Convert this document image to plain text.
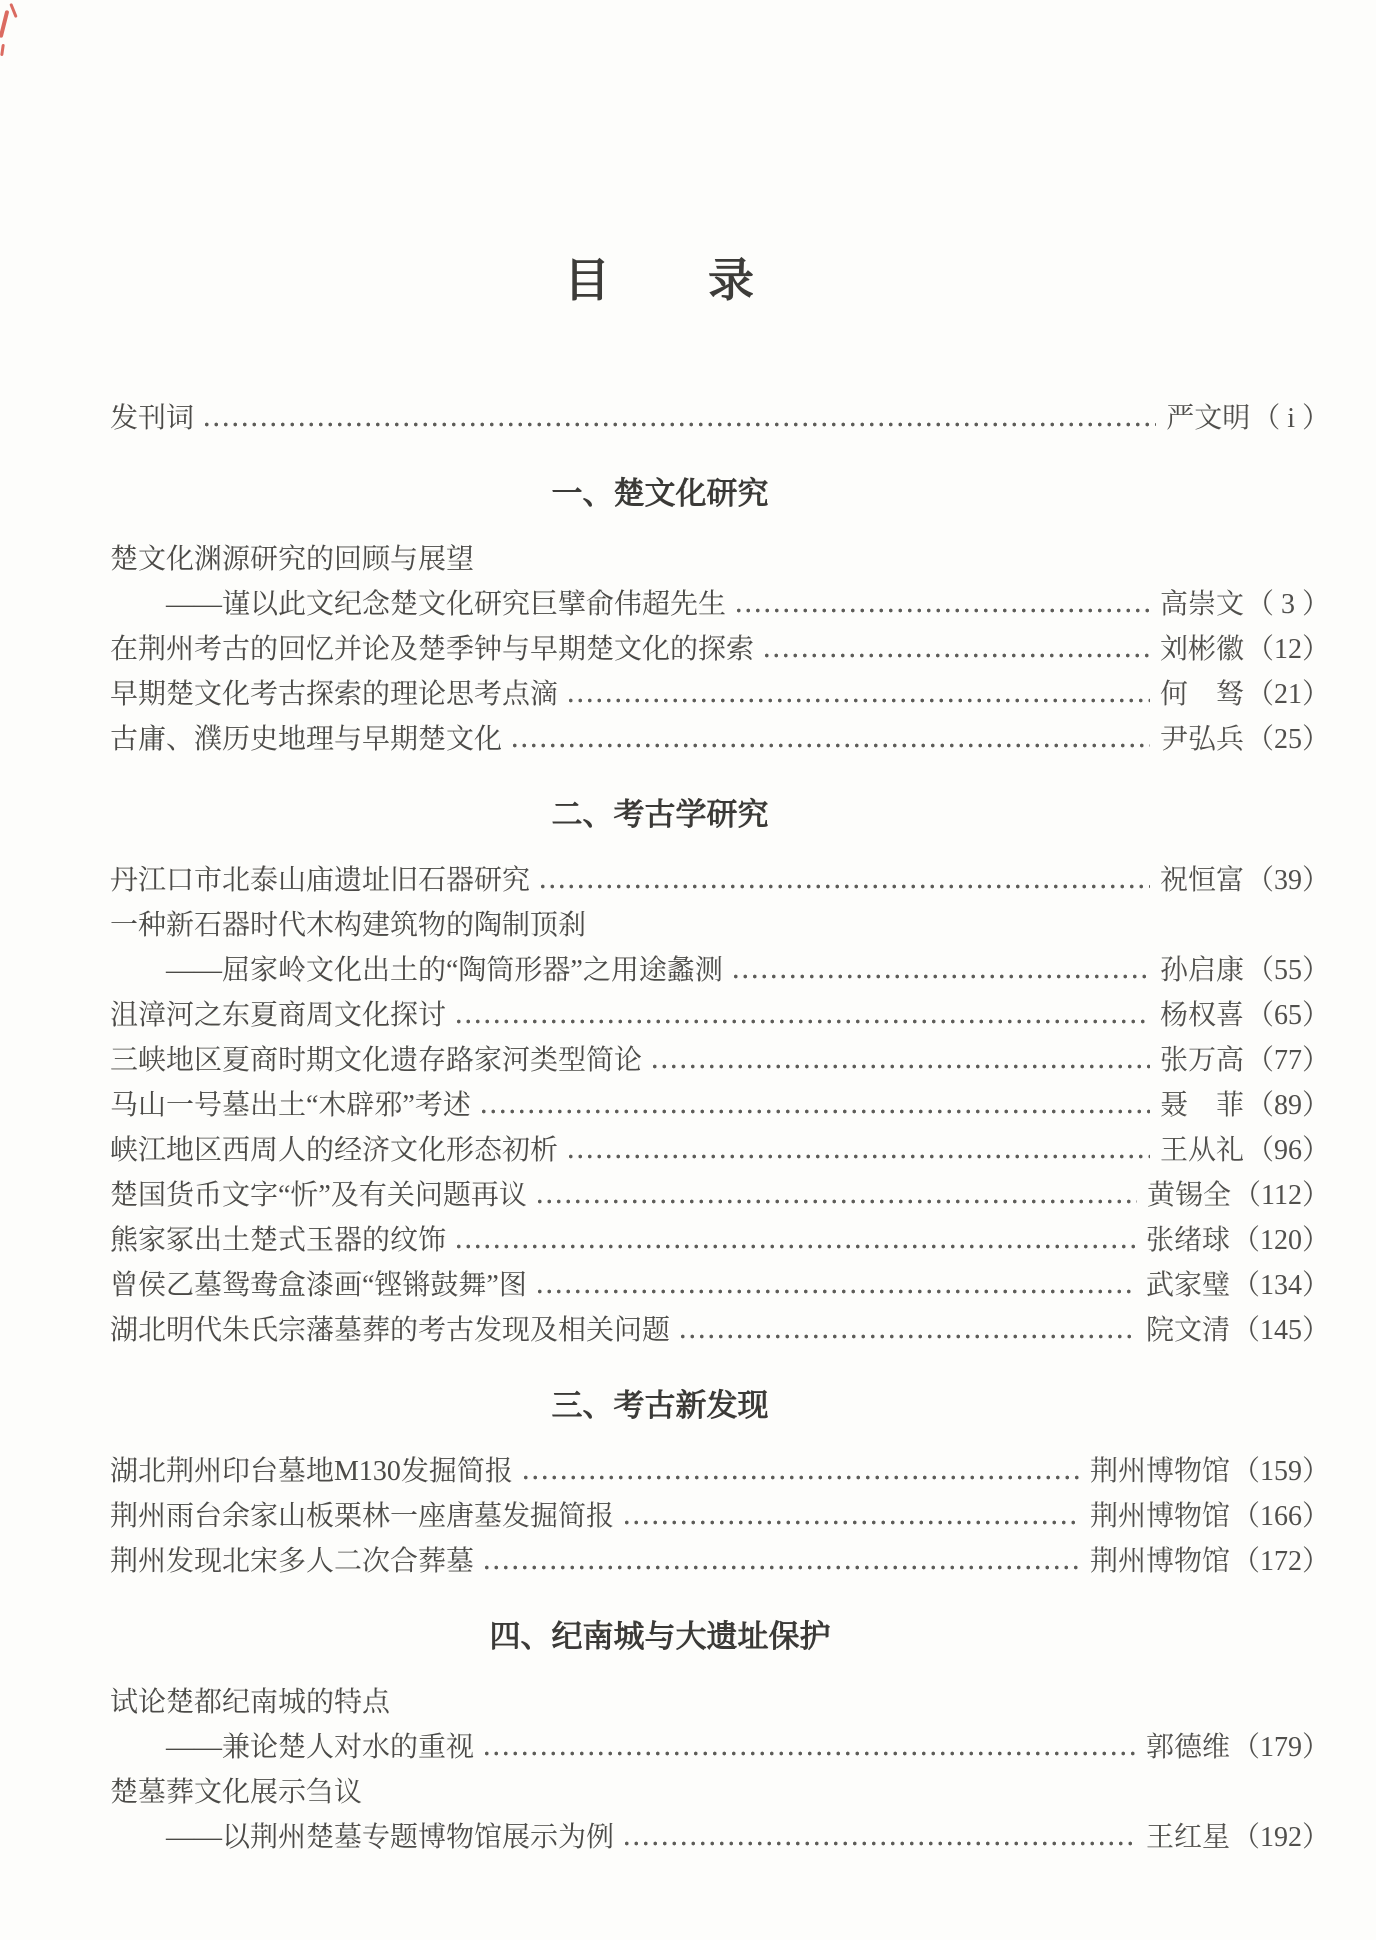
目　　录
发刊词	严文明（ i ）
一、楚文化研究
楚文化渊源研究的回顾与展望
——谨以此文纪念楚文化研究巨擘俞伟超先生	高崇文（ 3 ）
在荆州考古的回忆并论及楚季钟与早期楚文化的探索	刘彬徽（12）
早期楚文化考古探索的理论思考点滴	何　驽（21）
古庸、濮历史地理与早期楚文化	尹弘兵（25）
二、考古学研究
丹江口市北泰山庙遗址旧石器研究	祝恒富（39）
一种新石器时代木构建筑物的陶制顶刹
——屈家岭文化出土的“陶筒形器”之用途蠡测	孙启康（55）
沮漳河之东夏商周文化探讨	杨权喜（65）
三峡地区夏商时期文化遗存路家河类型简论	张万高（77）
马山一号墓出土“木辟邪”考述	聂　菲（89）
峡江地区西周人的经济文化形态初析	王从礼（96）
楚国货币文字“忻”及有关问题再议	黄锡全（112）
熊家冢出土楚式玉器的纹饰	张绪球（120）
曾侯乙墓鸳鸯盒漆画“铿锵鼓舞”图	武家璧（134）
湖北明代朱氏宗藩墓葬的考古发现及相关问题	院文清（145）
三、考古新发现
湖北荆州印台墓地M130发掘简报	荆州博物馆（159）
荆州雨台余家山板栗林一座唐墓发掘简报	荆州博物馆（166）
荆州发现北宋多人二次合葬墓	荆州博物馆（172）
四、纪南城与大遗址保护
试论楚都纪南城的特点
——兼论楚人对水的重视	郭德维（179）
楚墓葬文化展示刍议
——以荆州楚墓专题博物馆展示为例	王红星（192）
